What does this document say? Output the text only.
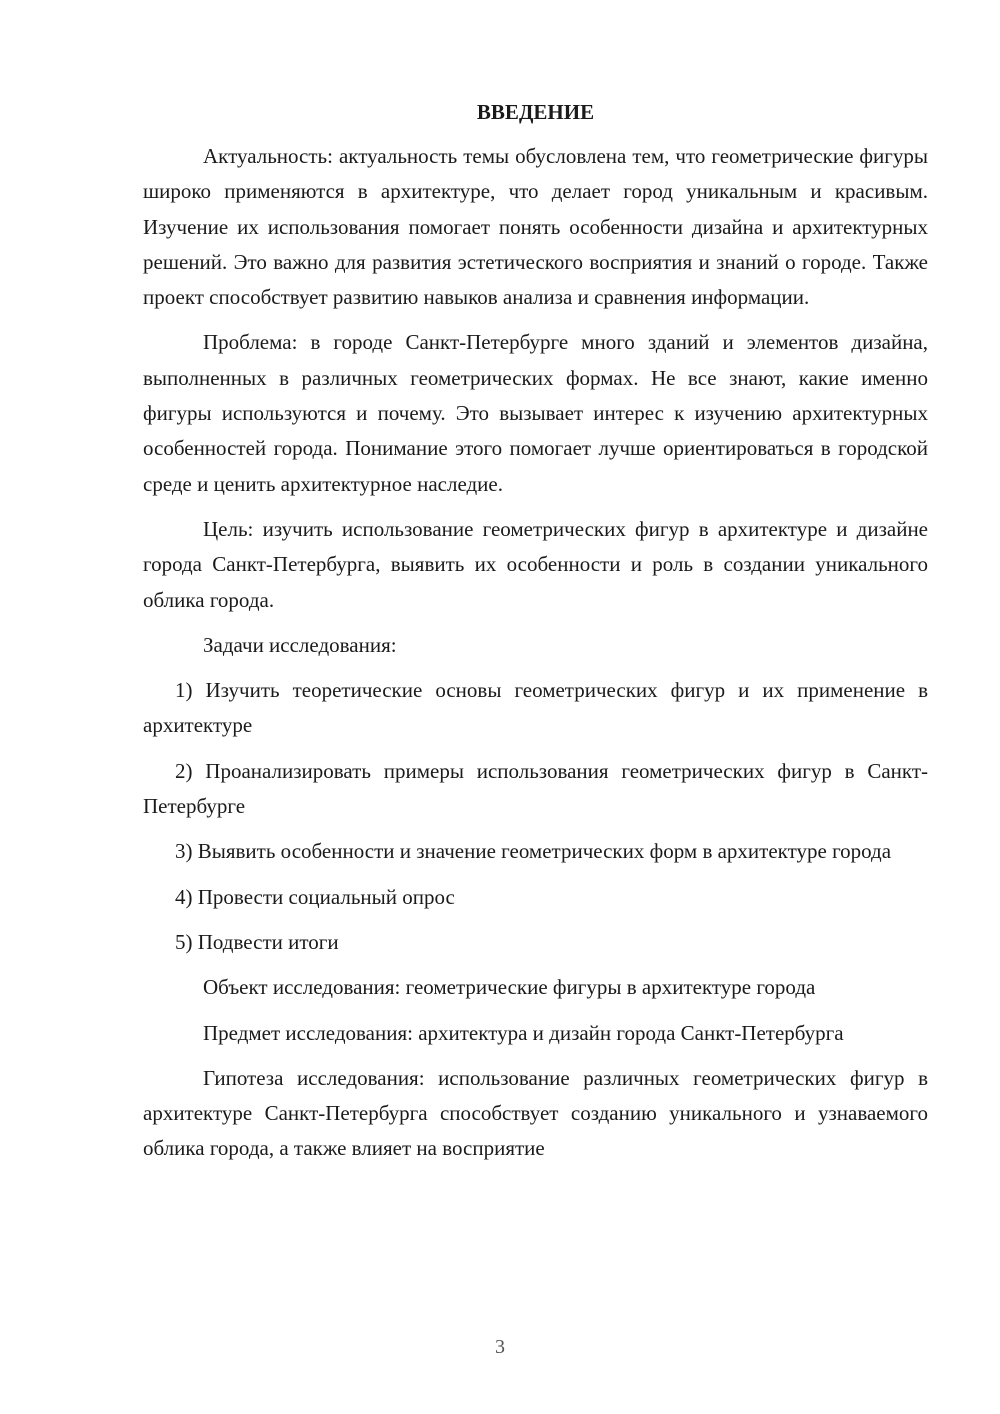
ВВЕДЕНИЕ

Актуальность: актуальность темы обусловлена тем, что геометрические фигуры широко применяются в архитектуре, что делает город уникальным и красивым. Изучение их использования помогает понять особенности дизайна и архитектурных решений. Это важно для развития эстетического восприятия и знаний о городе. Также проект способствует развитию навыков анализа и сравнения информации.

Проблема: в городе Санкт-Петербурге много зданий и элементов дизайна, выполненных в различных геометрических формах. Не все знают, какие именно фигуры используются и почему. Это вызывает интерес к изучению архитектурных особенностей города. Понимание этого помогает лучше ориентироваться в городской среде и ценить архитектурное наследие.

Цель: изучить использование геометрических фигур в архитектуре и дизайне города Санкт-Петербурга, выявить их особенности и роль в создании уникального облика города.

Задачи исследования:

1) Изучить теоретические основы геометрических фигур и их применение в архитектуре

2) Проанализировать примеры использования геометрических фигур в Санкт-Петербурге

3) Выявить особенности и значение геометрических форм в архитектуре города

4) Провести социальный опрос

5) Подвести итоги

Объект исследования: геометрические фигуры в архитектуре города

Предмет исследования: архитектура и дизайн города Санкт-Петербурга

Гипотеза исследования: использование различных геометрических фигур в архитектуре Санкт-Петербурга способствует созданию уникального и узнаваемого облика города, а также влияет на восприятие

3
